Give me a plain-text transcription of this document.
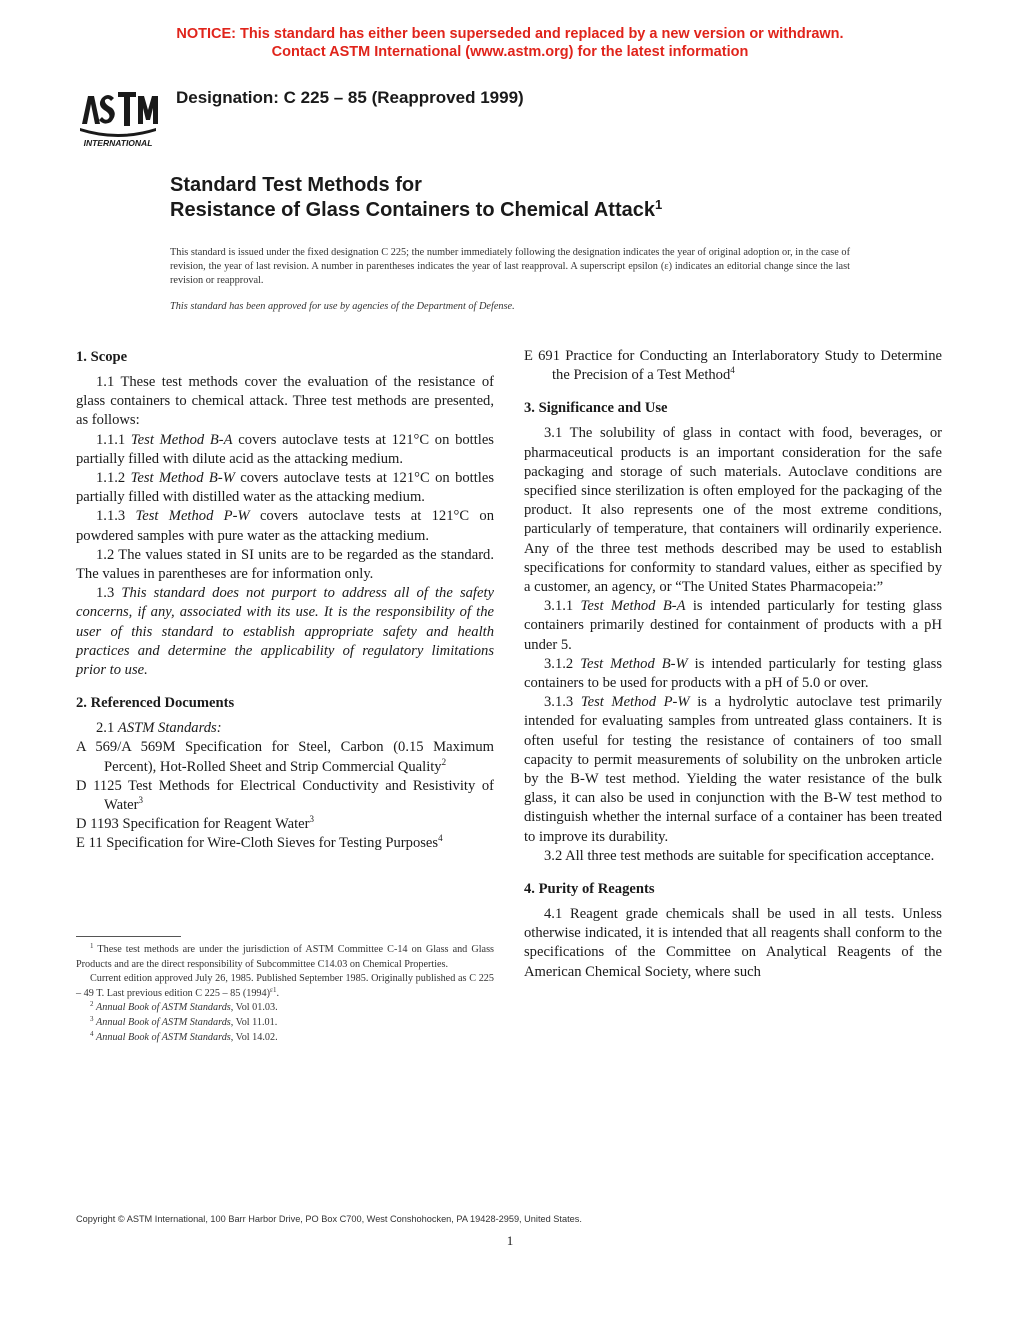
NOTICE: This standard has either been superseded and replaced by a new version or withdrawn.
Contact ASTM International (www.astm.org) for the latest information
INTERNATIONAL
Designation: C 225 – 85 (Reapproved 1999)
Standard Test Methods for
Resistance of Glass Containers to Chemical Attack$^1$
This standard is issued under the fixed designation C 225; the number immediately following the designation indicates the year of original adoption or, in the case of revision, the year of last revision. A number in parentheses indicates the year of last reapproval. A superscript epsilon (ε) indicates an editorial change since the last revision or reapproval.
This standard has been approved for use by agencies of the Department of Defense.
1. Scope

1.1 These test methods cover the evaluation of the resistance of glass containers to chemical attack. Three test methods are presented, as follows:

1.1.1 Test Method B-A covers autoclave tests at 121°C on bottles partially filled with dilute acid as the attacking medium.

1.1.2 Test Method B-W covers autoclave tests at 121°C on bottles partially filled with distilled water as the attacking medium.

1.1.3 Test Method P-W covers autoclave tests at 121°C on powdered samples with pure water as the attacking medium.

1.2 The values stated in SI units are to be regarded as the standard. The values in parentheses are for information only.

1.3 This standard does not purport to address all of the safety concerns, if any, associated with its use. It is the responsibility of the user of this standard to establish appropriate safety and health practices and determine the applicability of regulatory limitations prior to use.

2. Referenced Documents

2.1 ASTM Standards:

A 569/A 569M Specification for Steel, Carbon (0.15 Maximum Percent), Hot-Rolled Sheet and Strip Commercial Quality$^2$

D 1125 Test Methods for Electrical Conductivity and Resistivity of Water$^3$

D 1193 Specification for Reagent Water$^3$

E 11 Specification for Wire-Cloth Sieves for Testing Purposes$^4$

$^1$ These test methods are under the jurisdiction of ASTM Committee C-14 on Glass and Glass Products and are the direct responsibility of Subcommittee C14.03 on Chemical Properties.

Current edition approved July 26, 1985. Published September 1985. Originally published as C 225 – 49 T. Last previous edition C 225 – 85 $(1994)^{\varepsilon 1}$.

$^2$ Annual Book of ASTM Standards, Vol 01.03.

$^3$ Annual Book of ASTM Standards, Vol 11.01.

$^4$ Annual Book of ASTM Standards, Vol 14.02.

E 691 Practice for Conducting an Interlaboratory Study to Determine the Precision of a Test Method$^4$

3. Significance and Use

3.1 The solubility of glass in contact with food, beverages, or pharmaceutical products is an important consideration for the safe packaging and storage of such materials. Autoclave conditions are specified since sterilization is often employed for the packaging of the product. It also represents one of the most extreme conditions, particularly of temperature, that containers will ordinarily experience. Any of the three test methods described may be used to establish specifications for conformity to standard values, either as specified by a customer, an agency, or “The United States Pharmacopeia:”

3.1.1 Test Method B-A is intended particularly for testing glass containers primarily destined for containment of products with a pH under 5.

3.1.2 Test Method B-W is intended particularly for testing glass containers to be used for products with a pH of 5.0 or over.

3.1.3 Test Method P-W is a hydrolytic autoclave test primarily intended for evaluating samples from untreated glass containers. It is often useful for testing the resistance of containers of too small capacity to permit measurements of solubility on the unbroken article by the B-W test method. Yielding the water resistance of the bulk glass, it can also be used in conjunction with the B-W test method to distinguish whether the internal surface of a container has been treated to improve its durability.

3.2 All three test methods are suitable for specification acceptance.

4. Purity of Reagents

4.1 Reagent grade chemicals shall be used in all tests. Unless otherwise indicated, it is intended that all reagents shall conform to the specifications of the Committee on Analytical Reagents of the American Chemical Society, where such

Copyright © ASTM International, 100 Barr Harbor Drive, PO Box C700, West Conshohocken, PA 19428-2959, United States.
1
